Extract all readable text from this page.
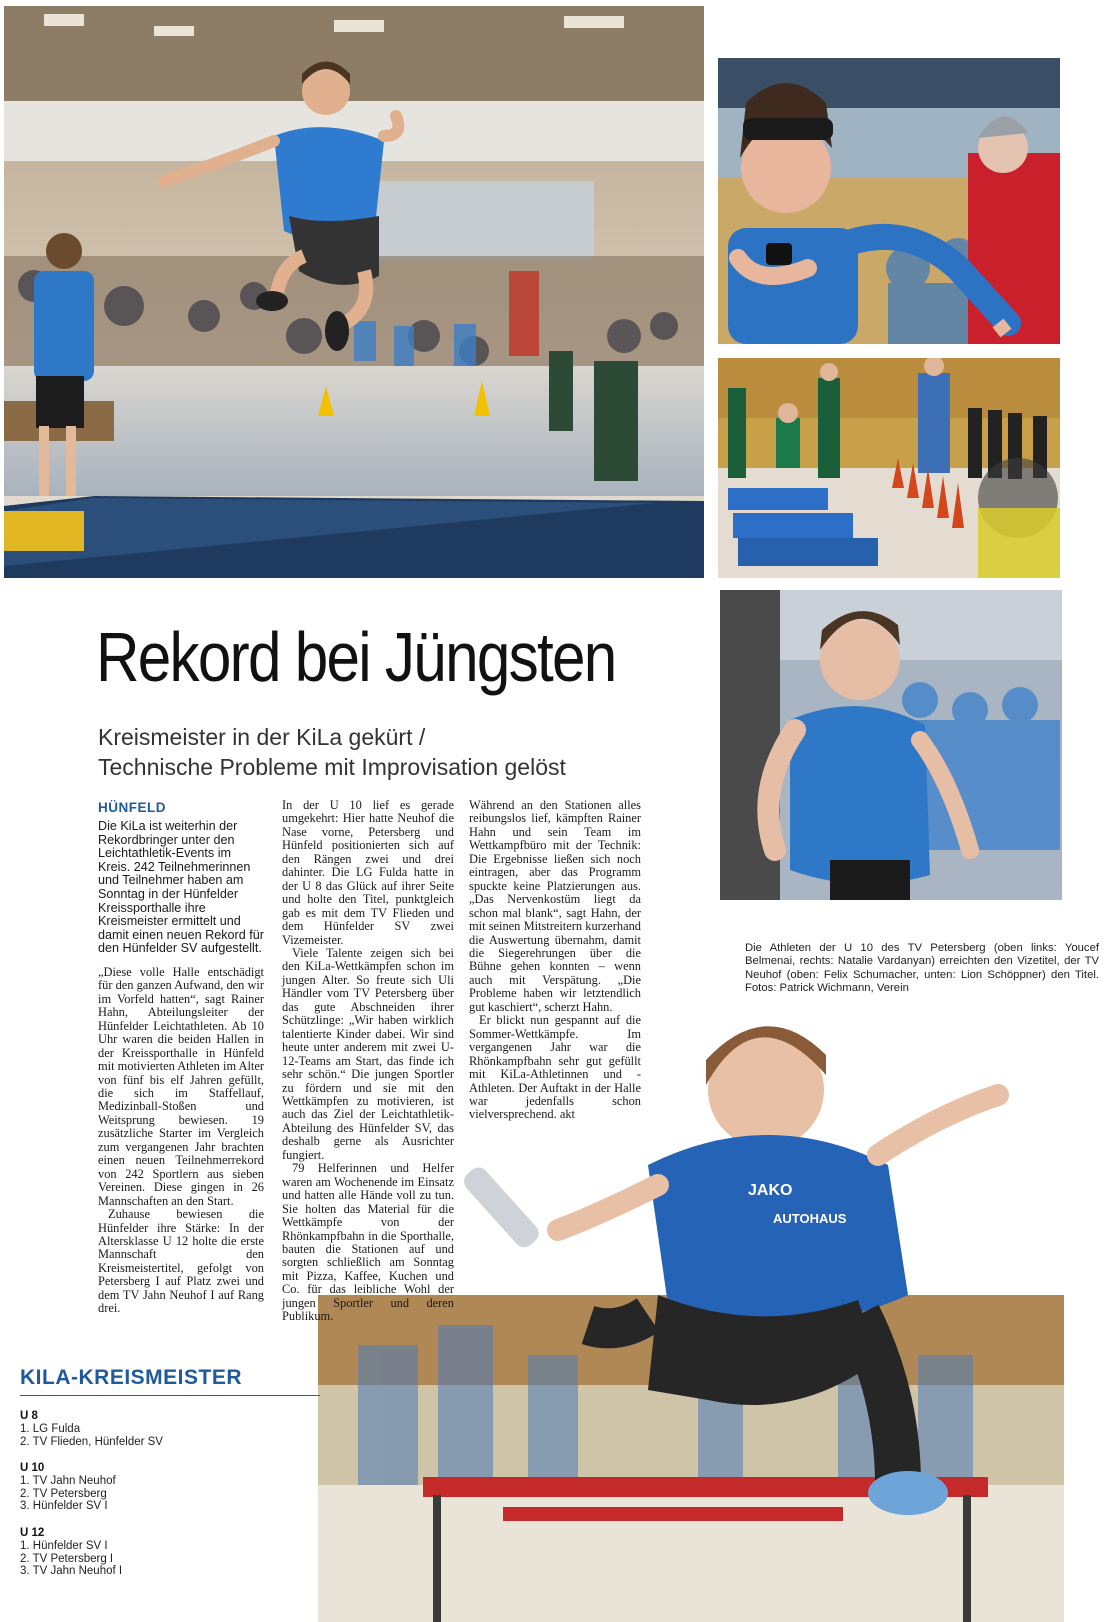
JAKO
AUTOHAUS
Rekord bei Jüngsten
Kreismeister in der KiLa gekürt /
Technische Probleme mit Improvisation gelöst
HÜNFELD

Die KiLa ist weiterhin der Rekordbringer unter den Leichtathletik-Events im Kreis. 242 Teilnehmerinnen und Teilnehmer haben am Sonntag in der Hünfelder Kreissporthalle ihre Kreismeister ermittelt und damit einen neuen Rekord für den Hünfelder SV aufgestellt.

„Diese volle Halle entschädigt für den ganzen Aufwand, den wir im Vorfeld hatten“, sagt Rainer Hahn, Abteilungsleiter der Hünfelder Leichtathleten. Ab 10 Uhr waren die beiden Hallen in der Kreissporthalle in Hünfeld mit motivierten Athleten im Alter von fünf bis elf Jahren gefüllt, die sich im Staffellauf, Medizinball-Stoßen und Weitsprung bewiesen. 19 zusätzliche Starter im Vergleich zum vergangenen Jahr brachten einen neuen Teilnehmerrekord von 242 Sportlern aus sieben Vereinen. Diese gingen in 26 Mannschaften an den Start.

Zuhause bewiesen die Hünfelder ihre Stärke: In der Altersklasse U 12 holte die erste Mannschaft den Kreismeistertitel, gefolgt von Petersberg I auf Platz zwei und dem TV Jahn Neuhof I auf Rang drei.

In der U 10 lief es gerade umgekehrt: Hier hatte Neuhof die Nase vorne, Petersberg und Hünfeld positionierten sich auf den Rängen zwei und drei dahinter. Die LG Fulda hatte in der U 8 das Glück auf ihrer Seite und holte den Titel, punktgleich gab es mit dem TV Flieden und dem Hünfelder SV zwei Vizemeister.

Viele Talente zeigen sich bei den KiLa-Wettkämpfen schon im jungen Alter. So freute sich Uli Händler vom TV Petersberg über das gute Abschneiden ihrer Schützlinge: „Wir haben wirklich talentierte Kinder dabei. Wir sind heute unter anderem mit zwei U-12-Teams am Start, das finde ich sehr schön.“ Die jungen Sportler zu fördern und sie mit den Wettkämpfen zu motivieren, ist auch das Ziel der Leichtathletik-Abteilung des Hünfelder SV, das deshalb gerne als Ausrichter fungiert.

79 Helferinnen und Helfer waren am Wochenende im Einsatz und hatten alle Hände voll zu tun. Sie holten das Material für die Wettkämpfe von der Rhönkampfbahn in die Sporthalle, bauten die Stationen auf und sorgten schließlich am Sonntag mit Pizza, Kaffee, Kuchen und Co. für das leibliche Wohl der jungen Sportler und deren Publikum.

Während an den Stationen alles reibungslos lief, kämpften Rainer Hahn und sein Team im Wettkampfbüro mit der Technik: Die Ergebnisse ließen sich noch eintragen, aber das Programm spuckte keine Platzierungen aus. „Das Nervenkostüm liegt da schon mal blank“, sagt Hahn, der mit seinen Mitstreitern kurzerhand die Auswertung übernahm, damit die Siegerehrungen über die Bühne gehen konnten – wenn auch mit Verspätung. „Die Probleme haben wir letztendlich gut kaschiert“, scherzt Hahn.

Er blickt nun gespannt auf die Sommer-Wettkämpfe. Im vergangenen Jahr war die Rhönkampfbahn sehr gut gefüllt mit KiLa-Athletinnen und -Athleten. Der Auftakt in der Halle war jedenfalls schon vielversprechend. akt

Die Athleten der U 10 des TV Petersberg (oben links: Youcef Belmenai, rechts: Natalie Vardanyan) erreichten den Vizetitel, der TV Neuhof (oben: Felix Schumacher, unten: Lion Schöppner) den Titel. Fotos: Patrick Wichmann, Verein
KILA-KREISMEISTER
U 8
1. LG Fulda
2. TV Flieden, Hünfelder SV
U 10
1. TV Jahn Neuhof
2. TV Petersberg
3. Hünfelder SV I
U 12
1. Hünfelder SV I
2. TV Petersberg I
3. TV Jahn Neuhof I
